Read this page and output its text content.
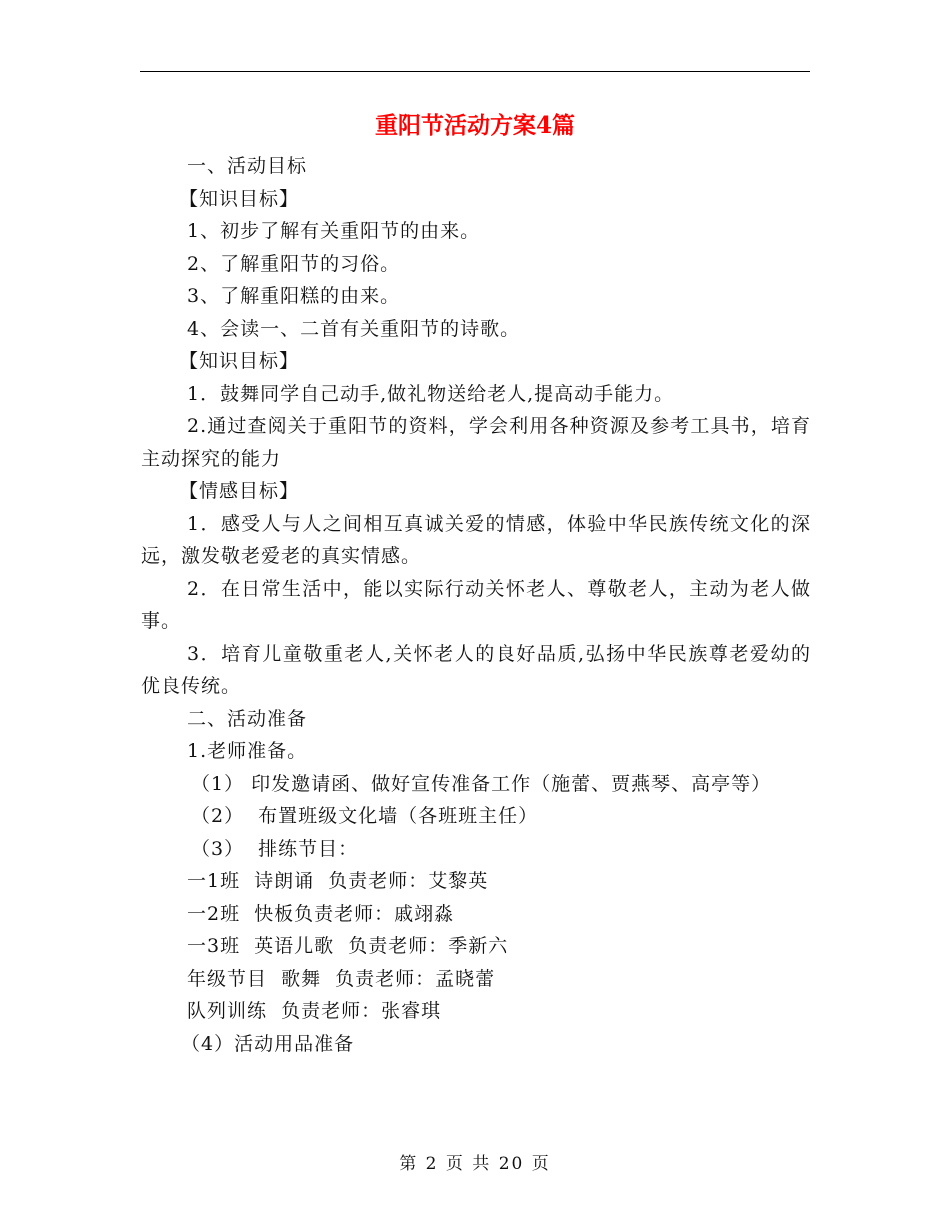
重阳节活动方案4篇

一、活动目标

【知识目标】

1、初步了解有关重阳节的由来。

2、了解重阳节的习俗。

3、了解重阳糕的由来。

4、会读一、二首有关重阳节的诗歌。

【知识目标】

1．鼓舞同学自己动手,做礼物送给老人,提高动手能力。

2.通过查阅关于重阳节的资料，学会利用各种资源及参考工具书，培育主动探究的能力

【情感目标】

1．感受人与人之间相互真诚关爱的情感，体验中华民族传统文化的深远，激发敬老爱老的真实情感。

2．在日常生活中，能以实际行动关怀老人、尊敬老人，主动为老人做事。

3．培育儿童敬重老人,关怀老人的良好品质,弘扬中华民族尊老爱幼的优良传统。

二、活动准备

1.老师准备。

（1） 印发邀请函、做好宣传准备工作（施蕾、贾燕琴、高亭等）

（2）  布置班级文化墙（各班班主任）

（3）  排练节目：

一1班  诗朗诵  负责老师：艾黎英

一2班  快板负责老师：戚翊淼

一3班  英语儿歌  负责老师：季新六

年级节目  歌舞  负责老师：孟晓蕾

队列训练  负责老师：张睿琪

（4）活动用品准备

第 2 页 共 20 页
